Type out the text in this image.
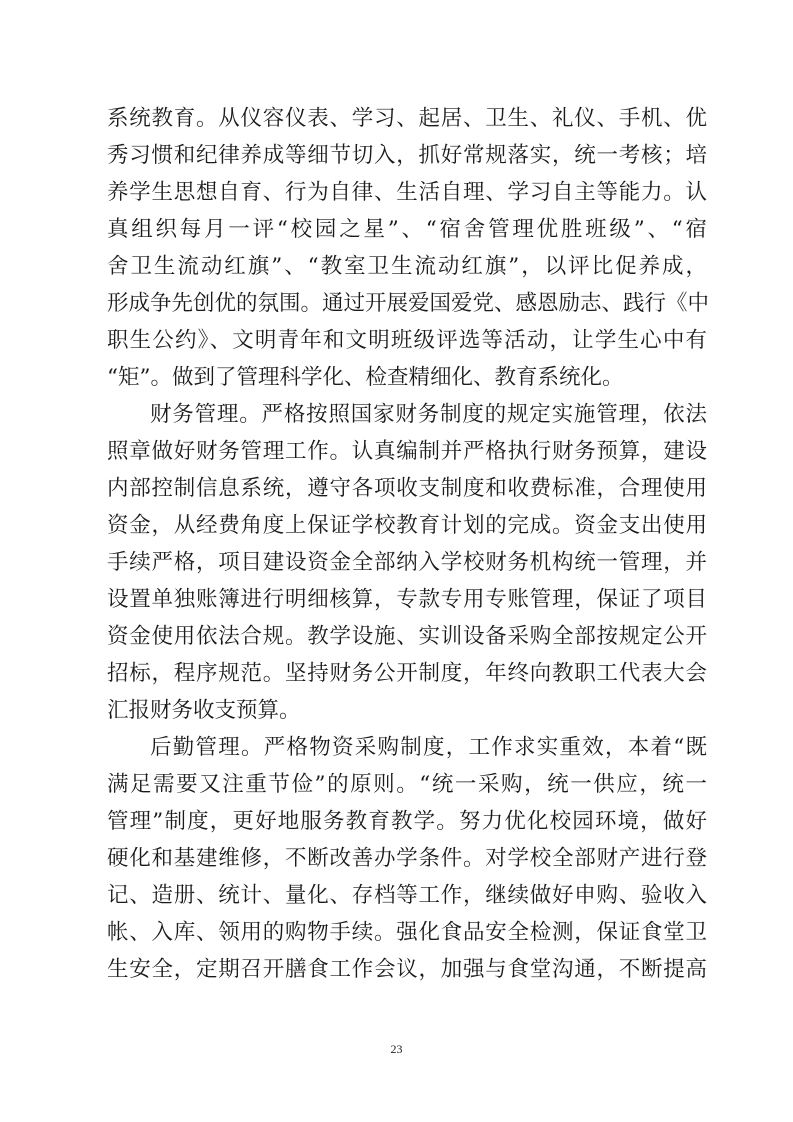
系统教育。从仪容仪表、学习、起居、卫生、礼仪、手机、优
秀习惯和纪律养成等细节切入，抓好常规落实，统一考核；培
养学生思想自育、行为自律、生活自理、学习自主等能力。认
真组织每月一评“校园之星”、“宿舍管理优胜班级”、“宿
舍卫生流动红旗”、“教室卫生流动红旗”，以评比促养成，
形成争先创优的氛围。通过开展爱国爱党、感恩励志、践行《中
职生公约》、文明青年和文明班级评选等活动，让学生心中有
“矩”。做到了管理科学化、检查精细化、教育系统化。
财务管理。严格按照国家财务制度的规定实施管理，依法
照章做好财务管理工作。认真编制并严格执行财务预算，建设
内部控制信息系统，遵守各项收支制度和收费标准，合理使用
资金，从经费角度上保证学校教育计划的完成。资金支出使用
手续严格，项目建设资金全部纳入学校财务机构统一管理，并
设置单独账簿进行明细核算，专款专用专账管理，保证了项目
资金使用依法合规。教学设施、实训设备采购全部按规定公开
招标，程序规范。坚持财务公开制度，年终向教职工代表大会
汇报财务收支预算。
后勤管理。严格物资采购制度，工作求实重效，本着“既
满足需要又注重节俭”的原则。“统一采购，统一供应，统一
管理”制度，更好地服务教育教学。努力优化校园环境，做好
硬化和基建维修，不断改善办学条件。对学校全部财产进行登
记、造册、统计、量化、存档等工作，继续做好申购、验收入
帐、入库、领用的购物手续。强化食品安全检测，保证食堂卫
生安全，定期召开膳食工作会议，加强与食堂沟通，不断提高
23
